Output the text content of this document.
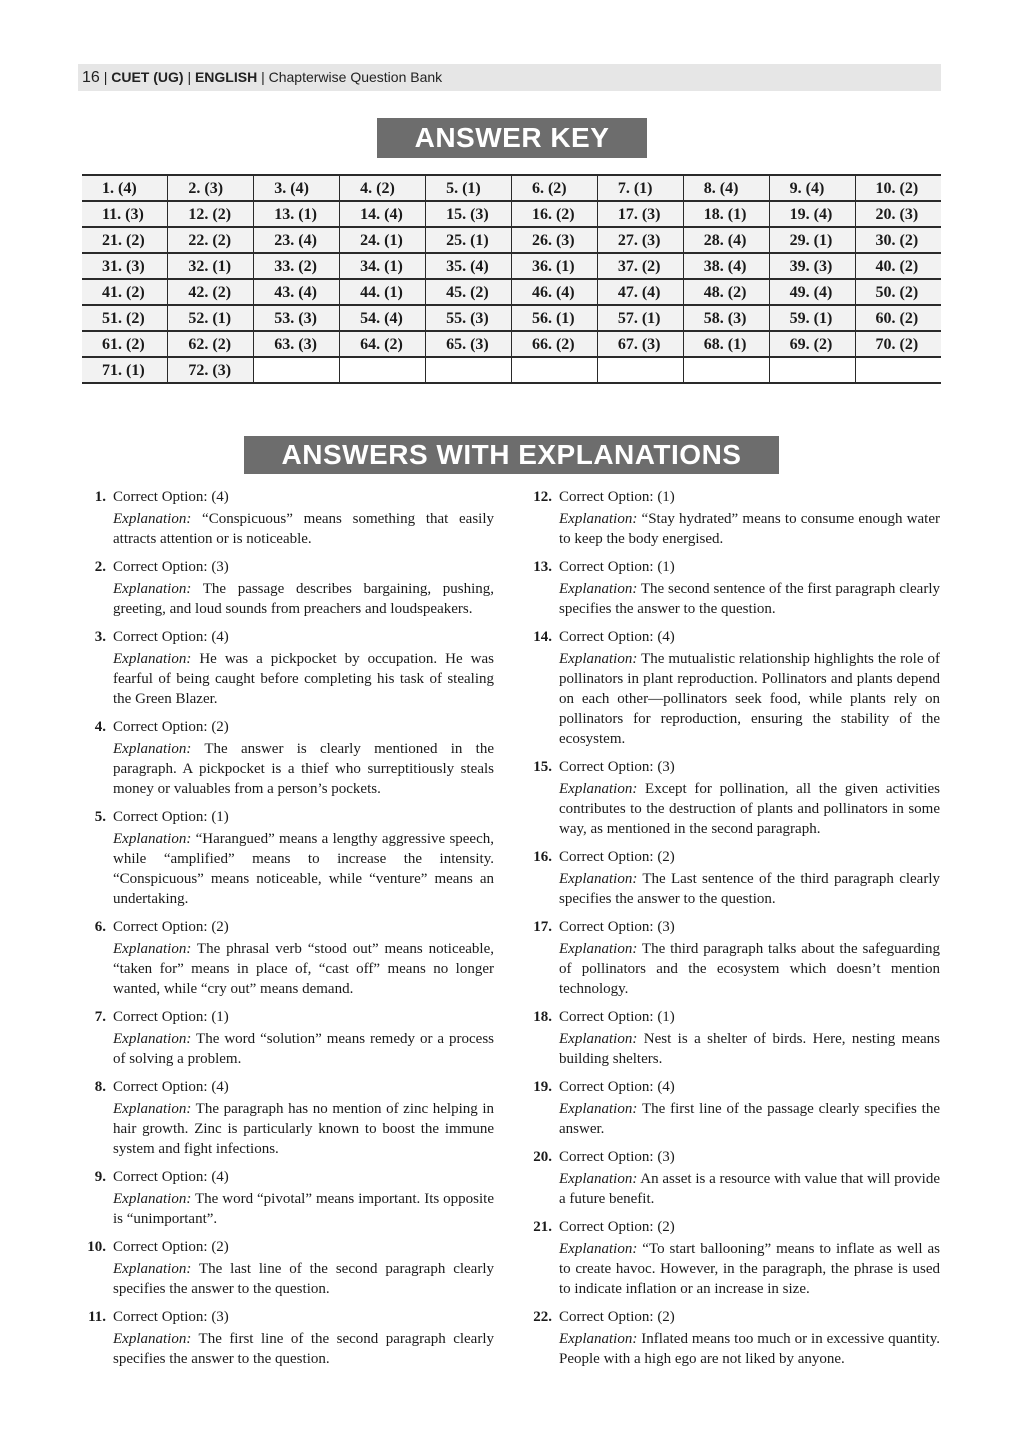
16 | CUET (UG) | ENGLISH | Chapterwise Question Bank
ANSWER KEY
1. (4)	2. (3)	3. (4)	4. (2)	5. (1)	6. (2)	7. (1)	8. (4)	9. (4)	10. (2)
11. (3)	12. (2)	13. (1)	14. (4)	15. (3)	16. (2)	17. (3)	18. (1)	19. (4)	20. (3)
21. (2)	22. (2)	23. (4)	24. (1)	25. (1)	26. (3)	27. (3)	28. (4)	29. (1)	30. (2)
31. (3)	32. (1)	33. (2)	34. (1)	35. (4)	36. (1)	37. (2)	38. (4)	39. (3)	40. (2)
41. (2)	42. (2)	43. (4)	44. (1)	45. (2)	46. (4)	47. (4)	48. (2)	49. (4)	50. (2)
51. (2)	52. (1)	53. (3)	54. (4)	55. (3)	56. (1)	57. (1)	58. (3)	59. (1)	60. (2)
61. (2)	62. (2)	63. (3)	64. (2)	65. (3)	66. (2)	67. (3)	68. (1)	69. (2)	70. (2)
71. (1)	72. (3)								
ANSWERS WITH EXPLANATIONS
1. Correct Option: (4)
Explanation: “Conspicuous” means something that easily attracts attention or is noticeable.
2. Correct Option: (3)
Explanation: The passage describes bargaining, pushing, greeting, and loud sounds from preachers and loudspeakers.
3. Correct Option: (4)
Explanation: He was a pickpocket by occupation. He was fearful of being caught before completing his task of stealing the Green Blazer.
4. Correct Option: (2)
Explanation: The answer is clearly mentioned in the paragraph. A pickpocket is a thief who surreptitiously steals money or valuables from a person’s pockets.
5. Correct Option: (1)
Explanation: “Harangued” means a lengthy aggressive speech, while “amplified” means to increase the intensity. “Conspicuous” means noticeable, while “venture” means an undertaking.
6. Correct Option: (2)
Explanation: The phrasal verb “stood out” means noticeable, “taken for” means in place of, “cast off” means no longer wanted, while “cry out” means demand.
7. Correct Option: (1)
Explanation: The word “solution” means remedy or a process of solving a problem.
8. Correct Option: (4)
Explanation: The paragraph has no mention of zinc helping in hair growth. Zinc is particularly known to boost the immune system and fight infections.
9. Correct Option: (4)
Explanation: The word “pivotal” means important. Its opposite is “unimportant”.
10. Correct Option: (2)
Explanation: The last line of the second paragraph clearly specifies the answer to the question.
11. Correct Option: (3)
Explanation: The first line of the second paragraph clearly specifies the answer to the question.
12. Correct Option: (1)
Explanation: “Stay hydrated” means to consume enough water to keep the body energised.
13. Correct Option: (1)
Explanation: The second sentence of the first paragraph clearly specifies the answer to the question.
14. Correct Option: (4)
Explanation: The mutualistic relationship highlights the role of pollinators in plant reproduction. Pollinators and plants depend on each other—pollinators seek food, while plants rely on pollinators for reproduction, ensuring the stability of the ecosystem.
15. Correct Option: (3)
Explanation: Except for pollination, all the given activities contributes to the destruction of plants and pollinators in some way, as mentioned in the second paragraph.
16. Correct Option: (2)
Explanation: The Last sentence of the third paragraph clearly specifies the answer to the question.
17. Correct Option: (3)
Explanation: The third paragraph talks about the safeguarding of pollinators and the ecosystem which doesn’t mention technology.
18. Correct Option: (1)
Explanation: Nest is a shelter of birds. Here, nesting means building shelters.
19. Correct Option: (4)
Explanation: The first line of the passage clearly specifies the answer.
20. Correct Option: (3)
Explanation: An asset is a resource with value that will provide a future benefit.
21. Correct Option: (2)
Explanation: “To start ballooning” means to inflate as well as to create havoc. However, in the paragraph, the phrase is used to indicate inflation or an increase in size.
22. Correct Option: (2)
Explanation: Inflated means too much or in excessive quantity. People with a high ego are not liked by anyone.
